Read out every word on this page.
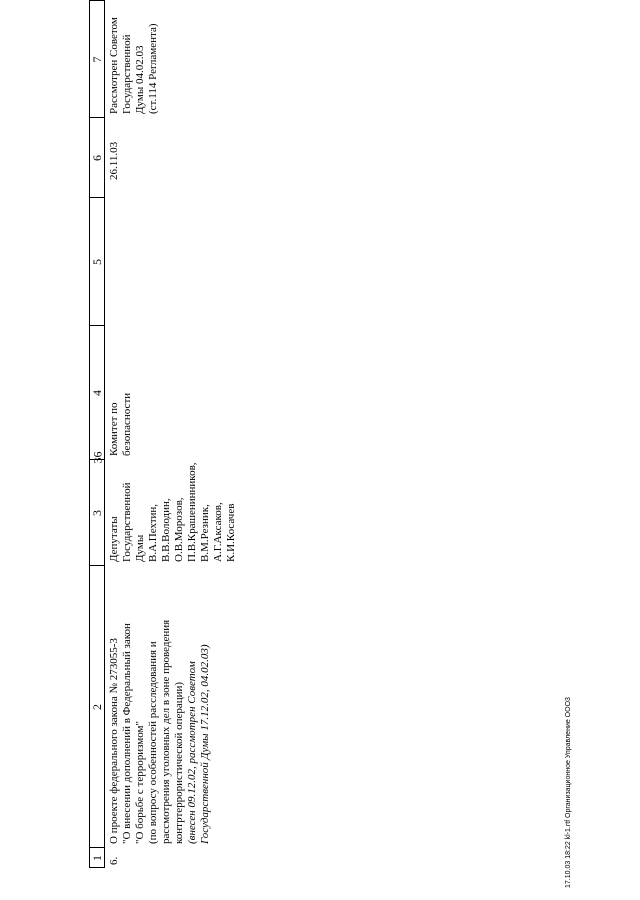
36
1
2
3
4
5
6
7
6.
О проекте федерального закона № 273055-3 "О внесении дополнений в Федеральный закон "О борьбе с терроризмом" (по вопросу особенностей расследования и рассмотрения уголовных дел в зоне проведения контртеррористической операции) (внесен 09.12.02, рассмотрен Советом Государственной Думы 17.12.02, 04.02.03)
Депутаты Государственной Думы В.А.Пехтин, В.В.Володин, О.В.Морозов, П.В.Крашенинников, В.М.Резник, А.Г.Аксаков, К.И.Косачев
Комитет по безопасности
26.11.03
Рассмотрен Советом Государственной Думы 04.02.03 (ст.114 Регламента)
17.10.03 18:22 kl-1.rtf Организационное Управление ООО3
